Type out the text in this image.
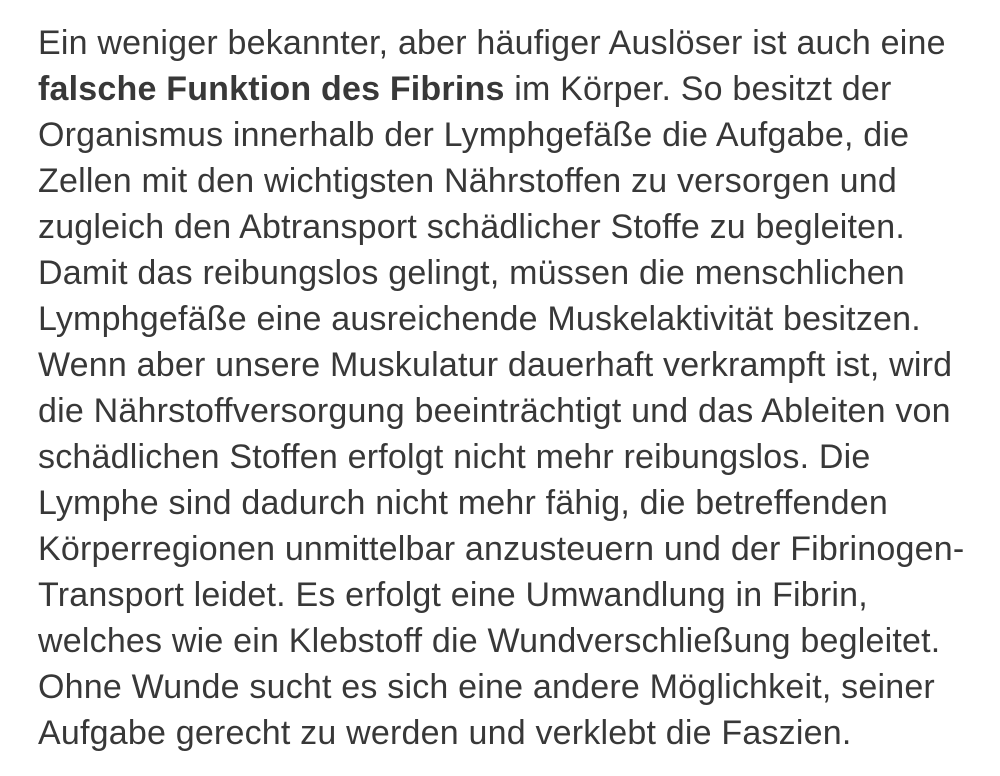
Ein weniger bekannter, aber häufiger Auslöser ist auch eine
falsche Funktion des Fibrins im Körper. So besitzt der
Organismus innerhalb der Lymphgefäße die Aufgabe, die
Zellen mit den wichtigsten Nährstoffen zu versorgen und
zugleich den Abtransport schädlicher Stoffe zu begleiten.
Damit das reibungslos gelingt, müssen die menschlichen
Lymphgefäße eine ausreichende Muskelaktivität besitzen.
Wenn aber unsere Muskulatur dauerhaft verkrampft ist, wird
die Nährstoffversorgung beeinträchtigt und das Ableiten von
schädlichen Stoffen erfolgt nicht mehr reibungslos. Die
Lymphe sind dadurch nicht mehr fähig, die betreffenden
Körperregionen unmittelbar anzusteuern und der Fibrinogen-
Transport leidet. Es erfolgt eine Umwandlung in Fibrin,
welches wie ein Klebstoff die Wundverschließung begleitet.
Ohne Wunde sucht es sich eine andere Möglichkeit, seiner
Aufgabe gerecht zu werden und verklebt die Faszien.
